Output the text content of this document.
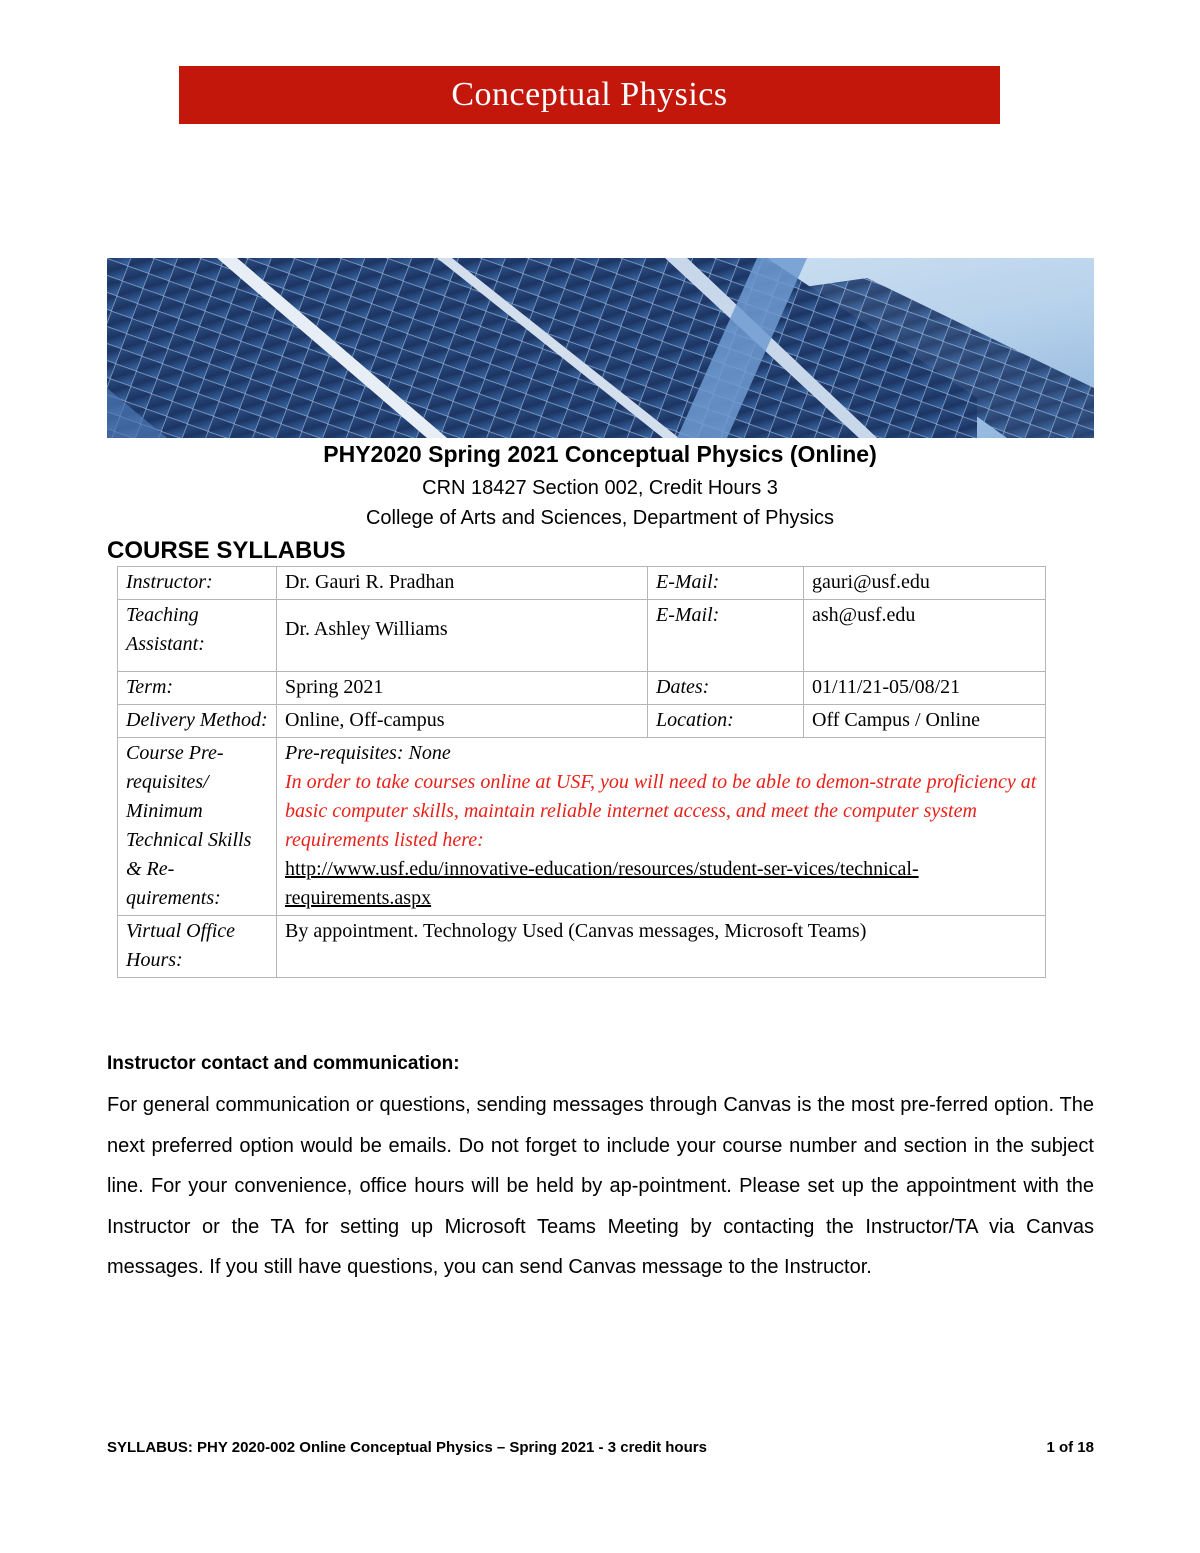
Conceptual Physics
PHY2020 Spring 2021 Conceptual Physics (Online)
CRN 18427 Section 002, Credit Hours 3
College of Arts and Sciences, Department of Physics
COURSE SYLLABUS
Instructor:	Dr. Gauri R. Pradhan	E-Mail:	gauri@usf.edu
Teaching Assistant:	Dr. Ashley Williams	E-Mail:	ash@usf.edu
Term:	Spring 2021	Dates:	01/11/21-05/08/21
Delivery Method:	Online, Off-campus	Location:	Off Campus / Online
Course Pre-requisites/ Minimum Technical Skills & Re-quirements:	Pre-requisites: None
In order to take courses online at USF, you will need to be able to demon-strate proficiency at basic computer skills, maintain reliable internet access, and meet the computer system requirements listed here:
http://www.usf.edu/innovative-education/resources/student-ser-vices/technical-requirements.aspx		

Virtual Office Hours:	By appointment. Technology Used (Canvas messages, Microsoft Teams)		
Instructor contact and communication:
For general communication or questions, sending messages through Canvas is the most pre-ferred option. The next preferred option would be emails. Do not forget to include your course number and section in the subject line. For your convenience, office hours will be held by ap-pointment. Please set up the appointment with the Instructor or the TA for setting up Microsoft Teams Meeting by contacting the Instructor/TA via Canvas messages. If you still have questions, you can send Canvas message to the Instructor.
SYLLABUS: PHY 2020-002 Online Conceptual Physics – Spring 2021 - 3 credit hours	1 of 18
